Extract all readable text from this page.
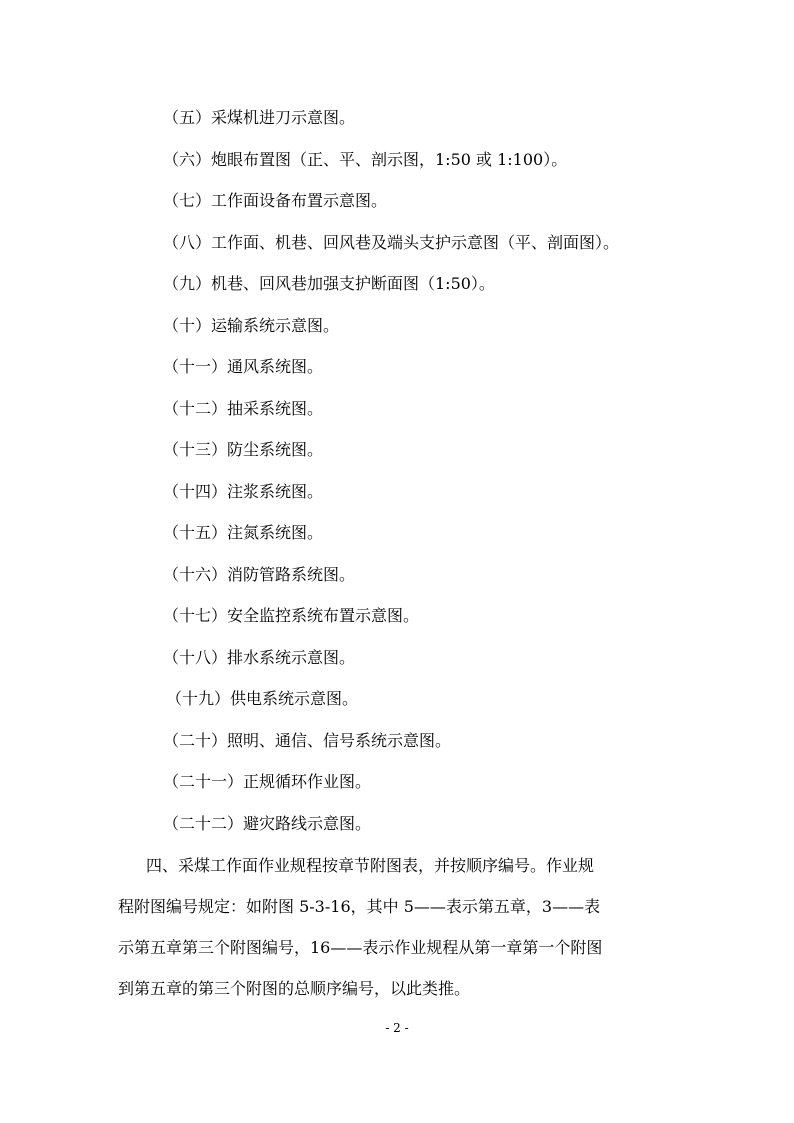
（五）采煤机进刀示意图。
（六）炮眼布置图（正、平、剖示图，1:50 或 1:100）。
（七）工作面设备布置示意图。
（八）工作面、机巷、回风巷及端头支护示意图（平、剖面图）。
（九）机巷、回风巷加强支护断面图（1:50）。
（十）运输系统示意图。
（十一）通风系统图。
（十二）抽采系统图。
（十三）防尘系统图。
（十四）注浆系统图。
（十五）注氮系统图。
（十六）消防管路系统图。
（十七）安全监控系统布置示意图。
（十八）排水系统示意图。
（十九）供电系统示意图。
（二十）照明、通信、信号系统示意图。
（二十一）正规循环作业图。
（二十二）避灾路线示意图。
四、采煤工作面作业规程按章节附图表，并按顺序编号。作业规
程附图编号规定：如附图 5-3-16，其中 5——表示第五章，3——表
示第五章第三个附图编号，16——表示作业规程从第一章第一个附图
到第五章的第三个附图的总顺序编号，以此类推。
- 2 -
